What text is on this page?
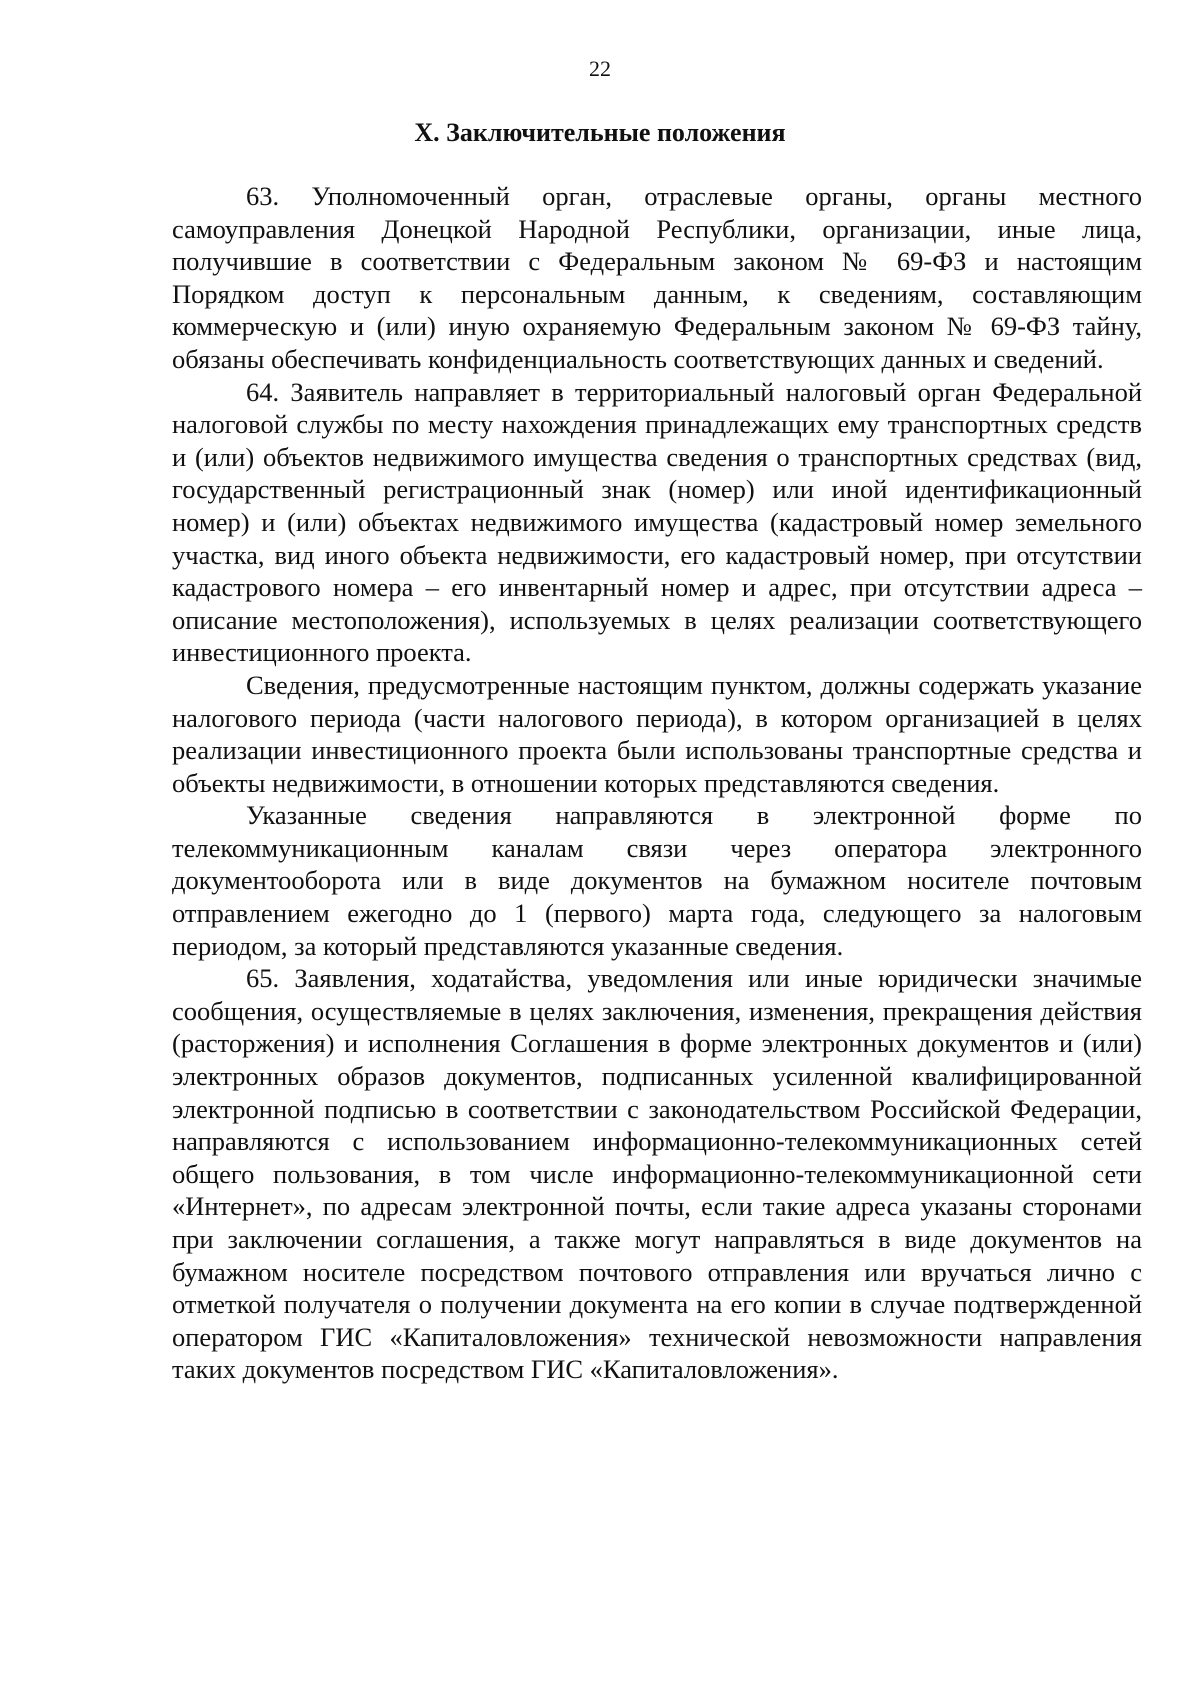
22
X. Заключительные положения

63. Уполномоченный орган, отраслевые органы, органы местного самоуправления Донецкой Народной Республики, организации, иные лица, получившие в соответствии с Федеральным законом № 69-ФЗ и настоящим Порядком доступ к персональным данным, к сведениям, составляющим коммерческую и (или) иную охраняемую Федеральным законом № 69-ФЗ тайну, обязаны обеспечивать конфиденциальность соответствующих данных и сведений.

64. Заявитель направляет в территориальный налоговый орган Федеральной налоговой службы по месту нахождения принадлежащих ему транспортных средств и (или) объектов недвижимого имущества сведения о транспортных средствах (вид, государственный регистрационный знак (номер) или иной идентификационный номер) и (или) объектах недвижимого имущества (кадастровый номер земельного участка, вид иного объекта недвижимости, его кадастровый номер, при отсутствии кадастрового номера – его инвентарный номер и адрес, при отсутствии адреса – описание местоположения), используемых в целях реализации соответствующего инвестиционного проекта.

Сведения, предусмотренные настоящим пунктом, должны содержать указание налогового периода (части налогового периода), в котором организацией в целях реализации инвестиционного проекта были использованы транспортные средства и объекты недвижимости, в отношении которых представляются сведения.

Указанные сведения направляются в электронной форме по телекоммуникационным каналам связи через оператора электронного документооборота или в виде документов на бумажном носителе почтовым отправлением ежегодно до 1 (первого) марта года, следующего за налоговым периодом, за который представляются указанные сведения.

65. Заявления, ходатайства, уведомления или иные юридически значимые сообщения, осуществляемые в целях заключения, изменения, прекращения действия (расторжения) и исполнения Соглашения в форме электронных документов и (или) электронных образов документов, подписанных усиленной квалифицированной электронной подписью в соответствии с законодательством Российской Федерации, направляются с использованием информационно-телекоммуникационных сетей общего пользования, в том числе информационно-телекоммуникационной сети «Интернет», по адресам электронной почты, если такие адреса указаны сторонами при заключении соглашения, а также могут направляться в виде документов на бумажном носителе посредством почтового отправления или вручаться лично с отметкой получателя о получении документа на его копии в случае подтвержденной оператором ГИС «Капиталовложения» технической невозможности направления таких документов посредством ГИС «Капиталовложения».
